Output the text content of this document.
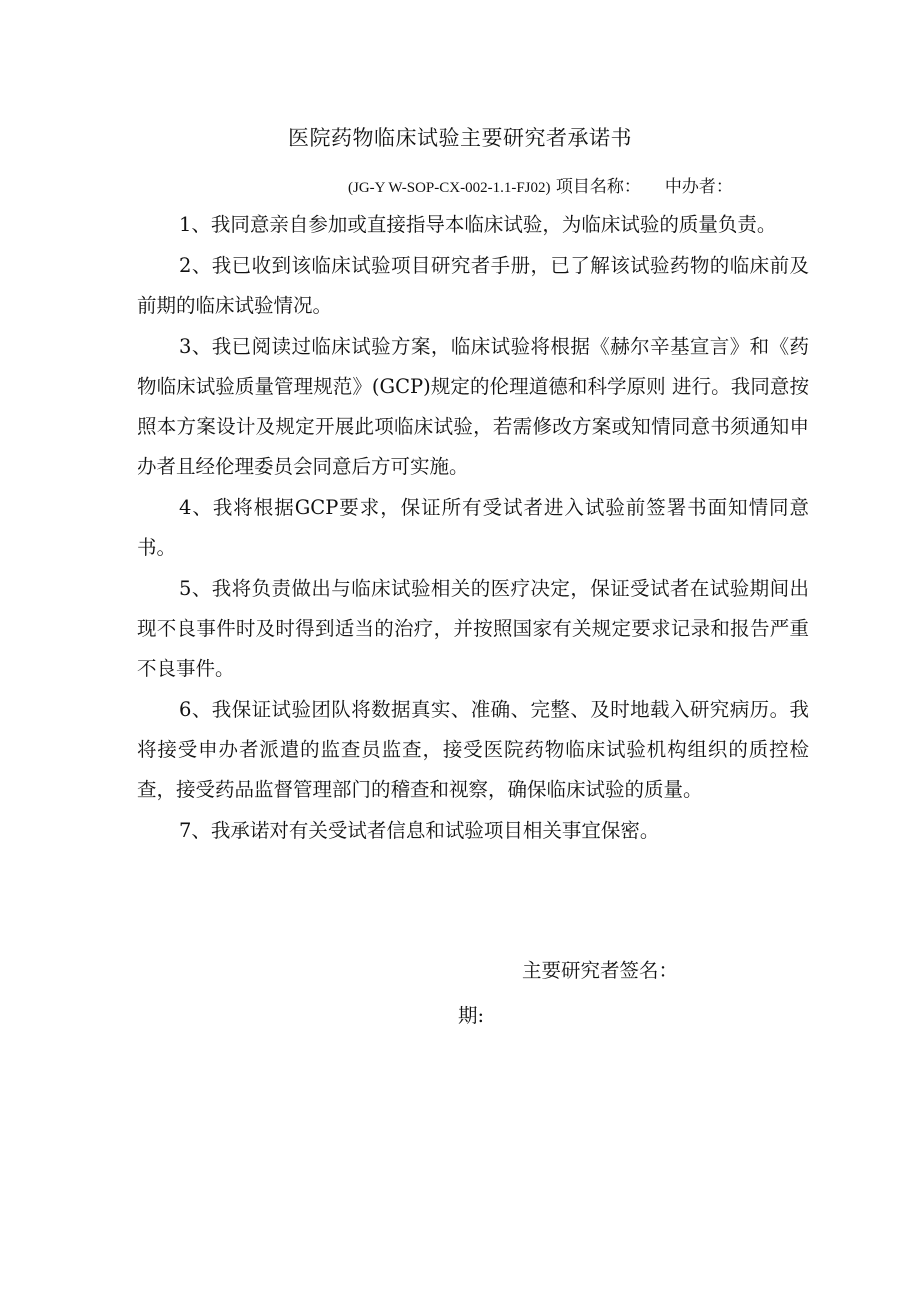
医院药物临床试验主要研究者承诺书
(JG-Y W-SOP-CX-002-1.1-FJ02) 项目名称： 中办者：

1、我同意亲自参加或直接指导本临床试验，为临床试验的质量负责。

2、我已收到该临床试验项目研究者手册，已了解该试验药物的临床前及前期的临床试验情况。

3、我已阅读过临床试验方案，临床试验将根据《赫尔辛基宣言》和《药物临床试验质量管理规范》(GCP)规定的伦理道德和科学原则 进行。我同意按照本方案设计及规定开展此项临床试验，若需修改方案或知情同意书须通知申办者且经伦理委员会同意后方可实施。

4、我将根据GCP要求，保证所有受试者进入试验前签署书面知情同意书。

5、我将负责做出与临床试验相关的医疗决定，保证受试者在试验期间出现不良事件时及时得到适当的治疗，并按照国家有关规定要求记录和报告严重不良事件。

6、我保证试验团队将数据真实、准确、完整、及时地载入研究病历。我将接受申办者派遣的监查员监查，接受医院药物临床试验机构组织的质控检查，接受药品监督管理部门的稽查和视察，确保临床试验的质量。

7、我承诺对有关受试者信息和试验项目相关事宜保密。

主要研究者签名：
期:
